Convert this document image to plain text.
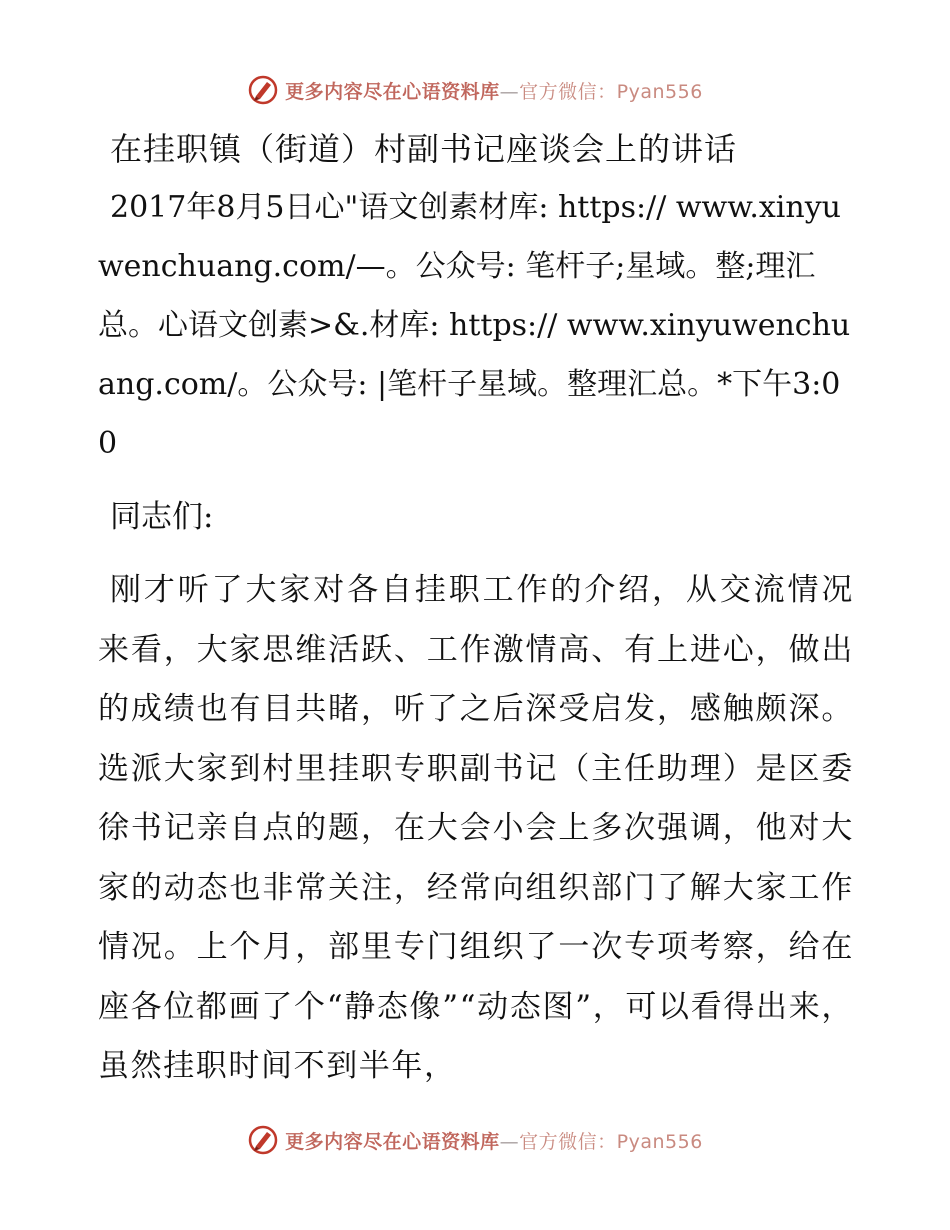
更多内容尽在心语资料库—官方微信：Pyan556
在挂职镇（街道）村副书记座谈会上的讲话
2017年8月5日心"语文创素材库: https:// www.xinyuwenchuang.com/—。公众号: 笔杆子;星域。整;理汇总。心语文创素>&.材库: https:// www.xinyuwenchuang.com/。公众号: |笔杆子星域。整理汇总。*下午3:00
同志们:
刚才听了大家对各自挂职工作的介绍，从交流情况来看，大家思维活跃、工作激情高、有上进心，做出的成绩也有目共睹，听了之后深受启发，感触颇深。选派大家到村里挂职专职副书记（主任助理）是区委徐书记亲自点的题，在大会小会上多次强调，他对大家的动态也非常关注，经常向组织部门了解大家工作情况。上个月，部里专门组织了一次专项考察，给在座各位都画了个“静态像”“动态图”，可以看得出来，虽然挂职时间不到半年，
更多内容尽在心语资料库—官方微信：Pyan556
